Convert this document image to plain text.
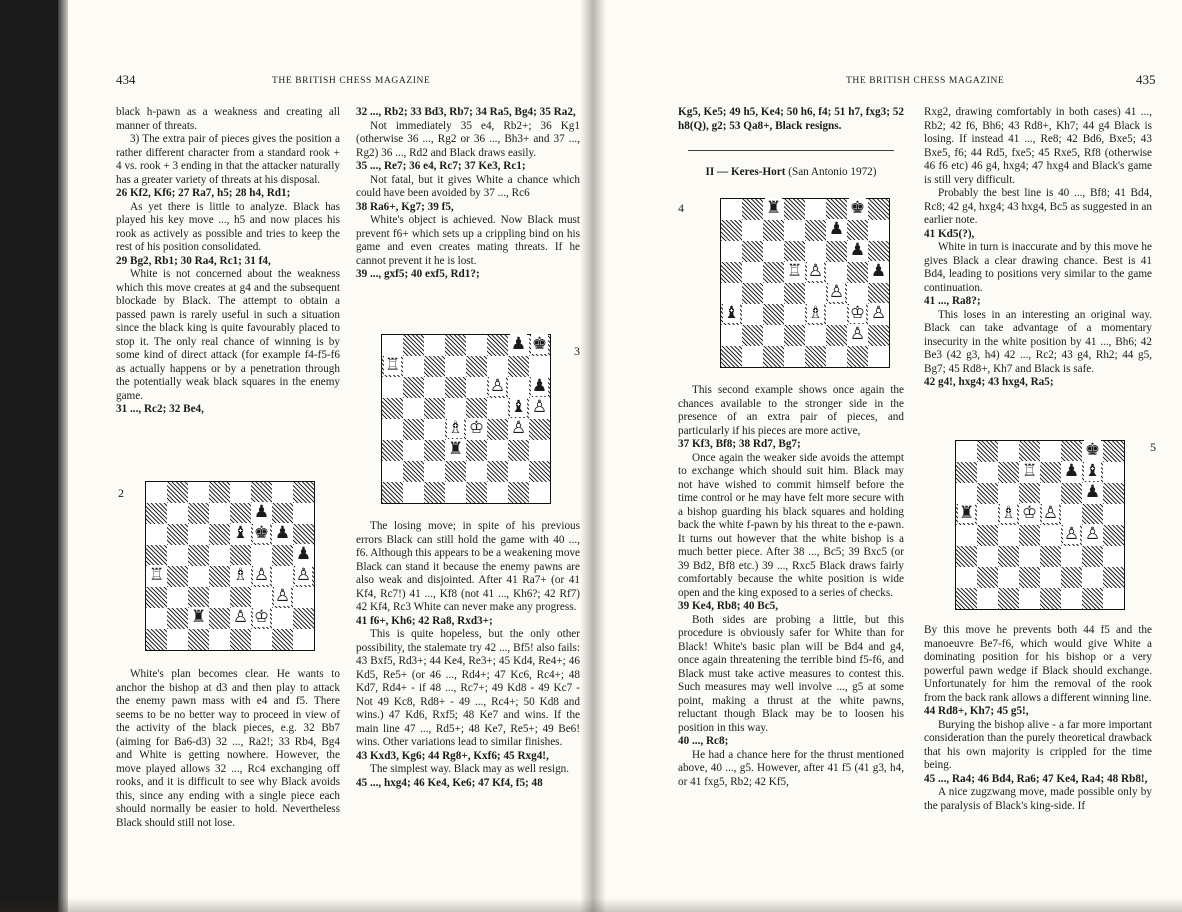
434	THE BRITISH CHESS MAGAZINE

black h-pawn as a weakness and creating all manner of threats.

3) The extra pair of pieces gives the position a rather different character from a standard rook + 4 vs. rook + 3 ending in that the attacker naturally has a greater variety of threats at his disposal.

26 Kf2, Kf6; 27 Ra7, h5; 28 h4, Rd1;

As yet there is little to analyze. Black has played his key move ..., h5 and now places his rook as actively as possible and tries to keep the rest of his position consolidated.

29 Bg2, Rb1; 30 Ra4, Rc1; 31 f4,

White is not concerned about the weakness which this move creates at g4 and the subsequent blockade by Black. The attempt to obtain a passed pawn is rarely useful in such a situation since the black king is quite favourably placed to stop it. The only real chance of winning is by some kind of direct attack (for example f4-f5-f6 as actually happens or by a penetration through the potentially weak black squares in the enemy game.

31 ..., Rc2; 32 Be4,

2
♟
♝ ♚ ♟
♟
♖	♗ ♙ ♙
♙
♜ ♙ ♔

White's plan becomes clear. He wants to anchor the bishop at d3 and then play to attack the enemy pawn mass with e4 and f5. There seems to be no better way to proceed in view of the activity of the black pieces, e.g. 32 Bb7 (aiming for Ba6-d3) 32 ..., Ra2!; 33 Rb4, Bg4 and White is getting nowhere. However, the move played allows 32 ..., Rc4 exchanging off rooks, and it is difficult to see why Black avoids this, since any ending with a single piece each should normally be easier to hold. Nevertheless Black should still not lose.

32 ..., Rb2; 33 Bd3, Rb7; 34 Ra5, Bg4; 35 Ra2,

Not immediately 35 e4, Rb2+; 36 Kg1 (otherwise 36 ..., Rg2 or 36 ..., Bh3+ and 37 ..., Rg2) 36 ..., Rd2 and Black draws easily.

35 ..., Re7; 36 e4, Rc7; 37 Ke3, Rc1;

Not fatal, but it gives White a chance which could have been avoided by 37 ..., Rc6

38 Ra6+, Kg7; 39 f5,

White's object is achieved. Now Black must prevent f6+ which sets up a crippling bind on his game and even creates mating threats. If he cannot prevent it he is lost.

39 ..., gxf5; 40 exf5, Rd1?;

♟ ♚
♖
♙ ♟
♝ ♙
♗ ♔ ♙
♜
3

The losing move; in spite of his previous errors Black can still hold the game with 40 ..., f6. Although this appears to be a weakening move Black can stand it because the enemy pawns are also weak and disjointed. After 41 Ra7+ (or 41 Kf4, Rc7!) 41 ..., Kf8 (not 41 ..., Kh6?; 42 Rf7) 42 Kf4, Rc3 White can never make any progress.

41 f6+, Kh6; 42 Ra8, Rxd3+;

This is quite hopeless, but the only other possibility, the stalemate try 42 ..., Bf5! also fails: 43 Bxf5, Rd3+; 44 Ke4, Re3+; 45 Kd4, Re4+; 46 Kd5, Re5+ (or 46 ..., Rd4+; 47 Kc6, Rc4+; 48 Kd7, Rd4+ - if 48 ..., Rc7+; 49 Kd8 - 49 Kc7 - Not 49 Kc8, Rd8+ - 49 ..., Rc4+; 50 Kd8 and wins.) 47 Kd6, Rxf5; 48 Ke7 and wins. If the main line 47 ..., Rd5+; 48 Ke7, Re5+; 49 Be6! wins. Other variations lead to similar finishes.

43 Kxd3, Kg6; 44 Rg8+, Kxf6; 45 Rxg4!,

The simplest way. Black may as well resign.

45 ..., hxg4; 46 Ke4, Ke6; 47 Kf4, f5; 48

THE BRITISH CHESS MAGAZINE	435

Kg5, Ke5; 49 h5, Ke4; 50 h6, f4; 51 h7, fxg3; 52 h8(Q), g2; 53 Qa8+, Black resigns.

II — Keres-Hort (San Antonio 1972)

4	♜	♚
♟
♟
♖ ♙	♟
♙
♝	♗ ♔ ♙
♙

This second example shows once again the chances available to the stronger side in the presence of an extra pair of pieces, and particularly if his pieces are more active,

37 Kf3, Bf8; 38 Rd7, Bg7;

Once again the weaker side avoids the attempt to exchange which should suit him. Black may not have wished to commit himself before the time control or he may have felt more secure with a bishop guarding his black squares and holding back the white f-pawn by his threat to the e-pawn. It turns out however that the white bishop is a much better piece. After 38 ..., Bc5; 39 Bxc5 (or 39 Bd2, Bf8 etc.) 39 ..., Rxc5 Black draws fairly comfortably because the white position is wide open and the king exposed to a series of checks.

39 Ke4, Rb8; 40 Bc5,

Both sides are probing a little, but this procedure is obviously safer for White than for Black! White's basic plan will be Bd4 and g4, once again threatening the terrible bind f5-f6, and Black must take active measures to contest this. Such measures may well involve ..., g5 at some point, making a thrust at the white pawns, reluctant though Black may be to loosen his position in this way.

40 ..., Rc8;

He had a chance here for the thrust mentioned above, 40 ..., g5. However, after 41 f5 (41 g3, h4, or 41 fxg5, Rb2; 42 Kf5,

Rxg2, drawing comfortably in both cases) 41 ..., Rb2; 42 f6, Bh6; 43 Rd8+, Kh7; 44 g4 Black is losing. If instead 41 ..., Re8; 42 Bd6, Bxe5; 43 Bxe5, f6; 44 Rd5, fxe5; 45 Rxe5, Rf8 (otherwise 46 f6 etc) 46 g4, hxg4; 47 hxg4 and Black's game is still very difficult.

Probably the best line is 40 ..., Bf8; 41 Bd4, Rc8; 42 g4, hxg4; 43 hxg4, Bc5 as suggested in an earlier note.

41 Kd5(?),

White in turn is inaccurate and by this move he gives Black a clear drawing chance. Best is 41 Bd4, leading to positions very similar to the game continuation.

41 ..., Ra8?;

This loses in an interesting an original way. Black can take advantage of a momentary insecurity in the white position by 41 ..., Bh6; 42 Be3 (42 g3, h4) 42 ..., Rc2; 43 g4, Rh2; 44 g5, Bg7; 45 Rd8+, Kh7 and Black is safe.

42 g4!, hxg4; 43 hxg4, Ra5;

♚
♖ ♟ ♝
♟
♜ ♗ ♔ ♙
♙ ♙
5

By this move he prevents both 44 f5 and the manoeuvre Be7-f6, which would give White a dominating position for his bishop or a very powerful pawn wedge if Black should exchange. Unfortunately for him the removal of the rook from the back rank allows a different winning line.

44 Rd8+, Kh7; 45 g5!,

Burying the bishop alive - a far more important consideration than the purely theoretical drawback that his own majority is crippled for the time being.

45 ..., Ra4; 46 Bd4, Ra6; 47 Ke4, Ra4; 48 Rb8!,

A nice zugzwang move, made possible only by the paralysis of Black's king-side. If
